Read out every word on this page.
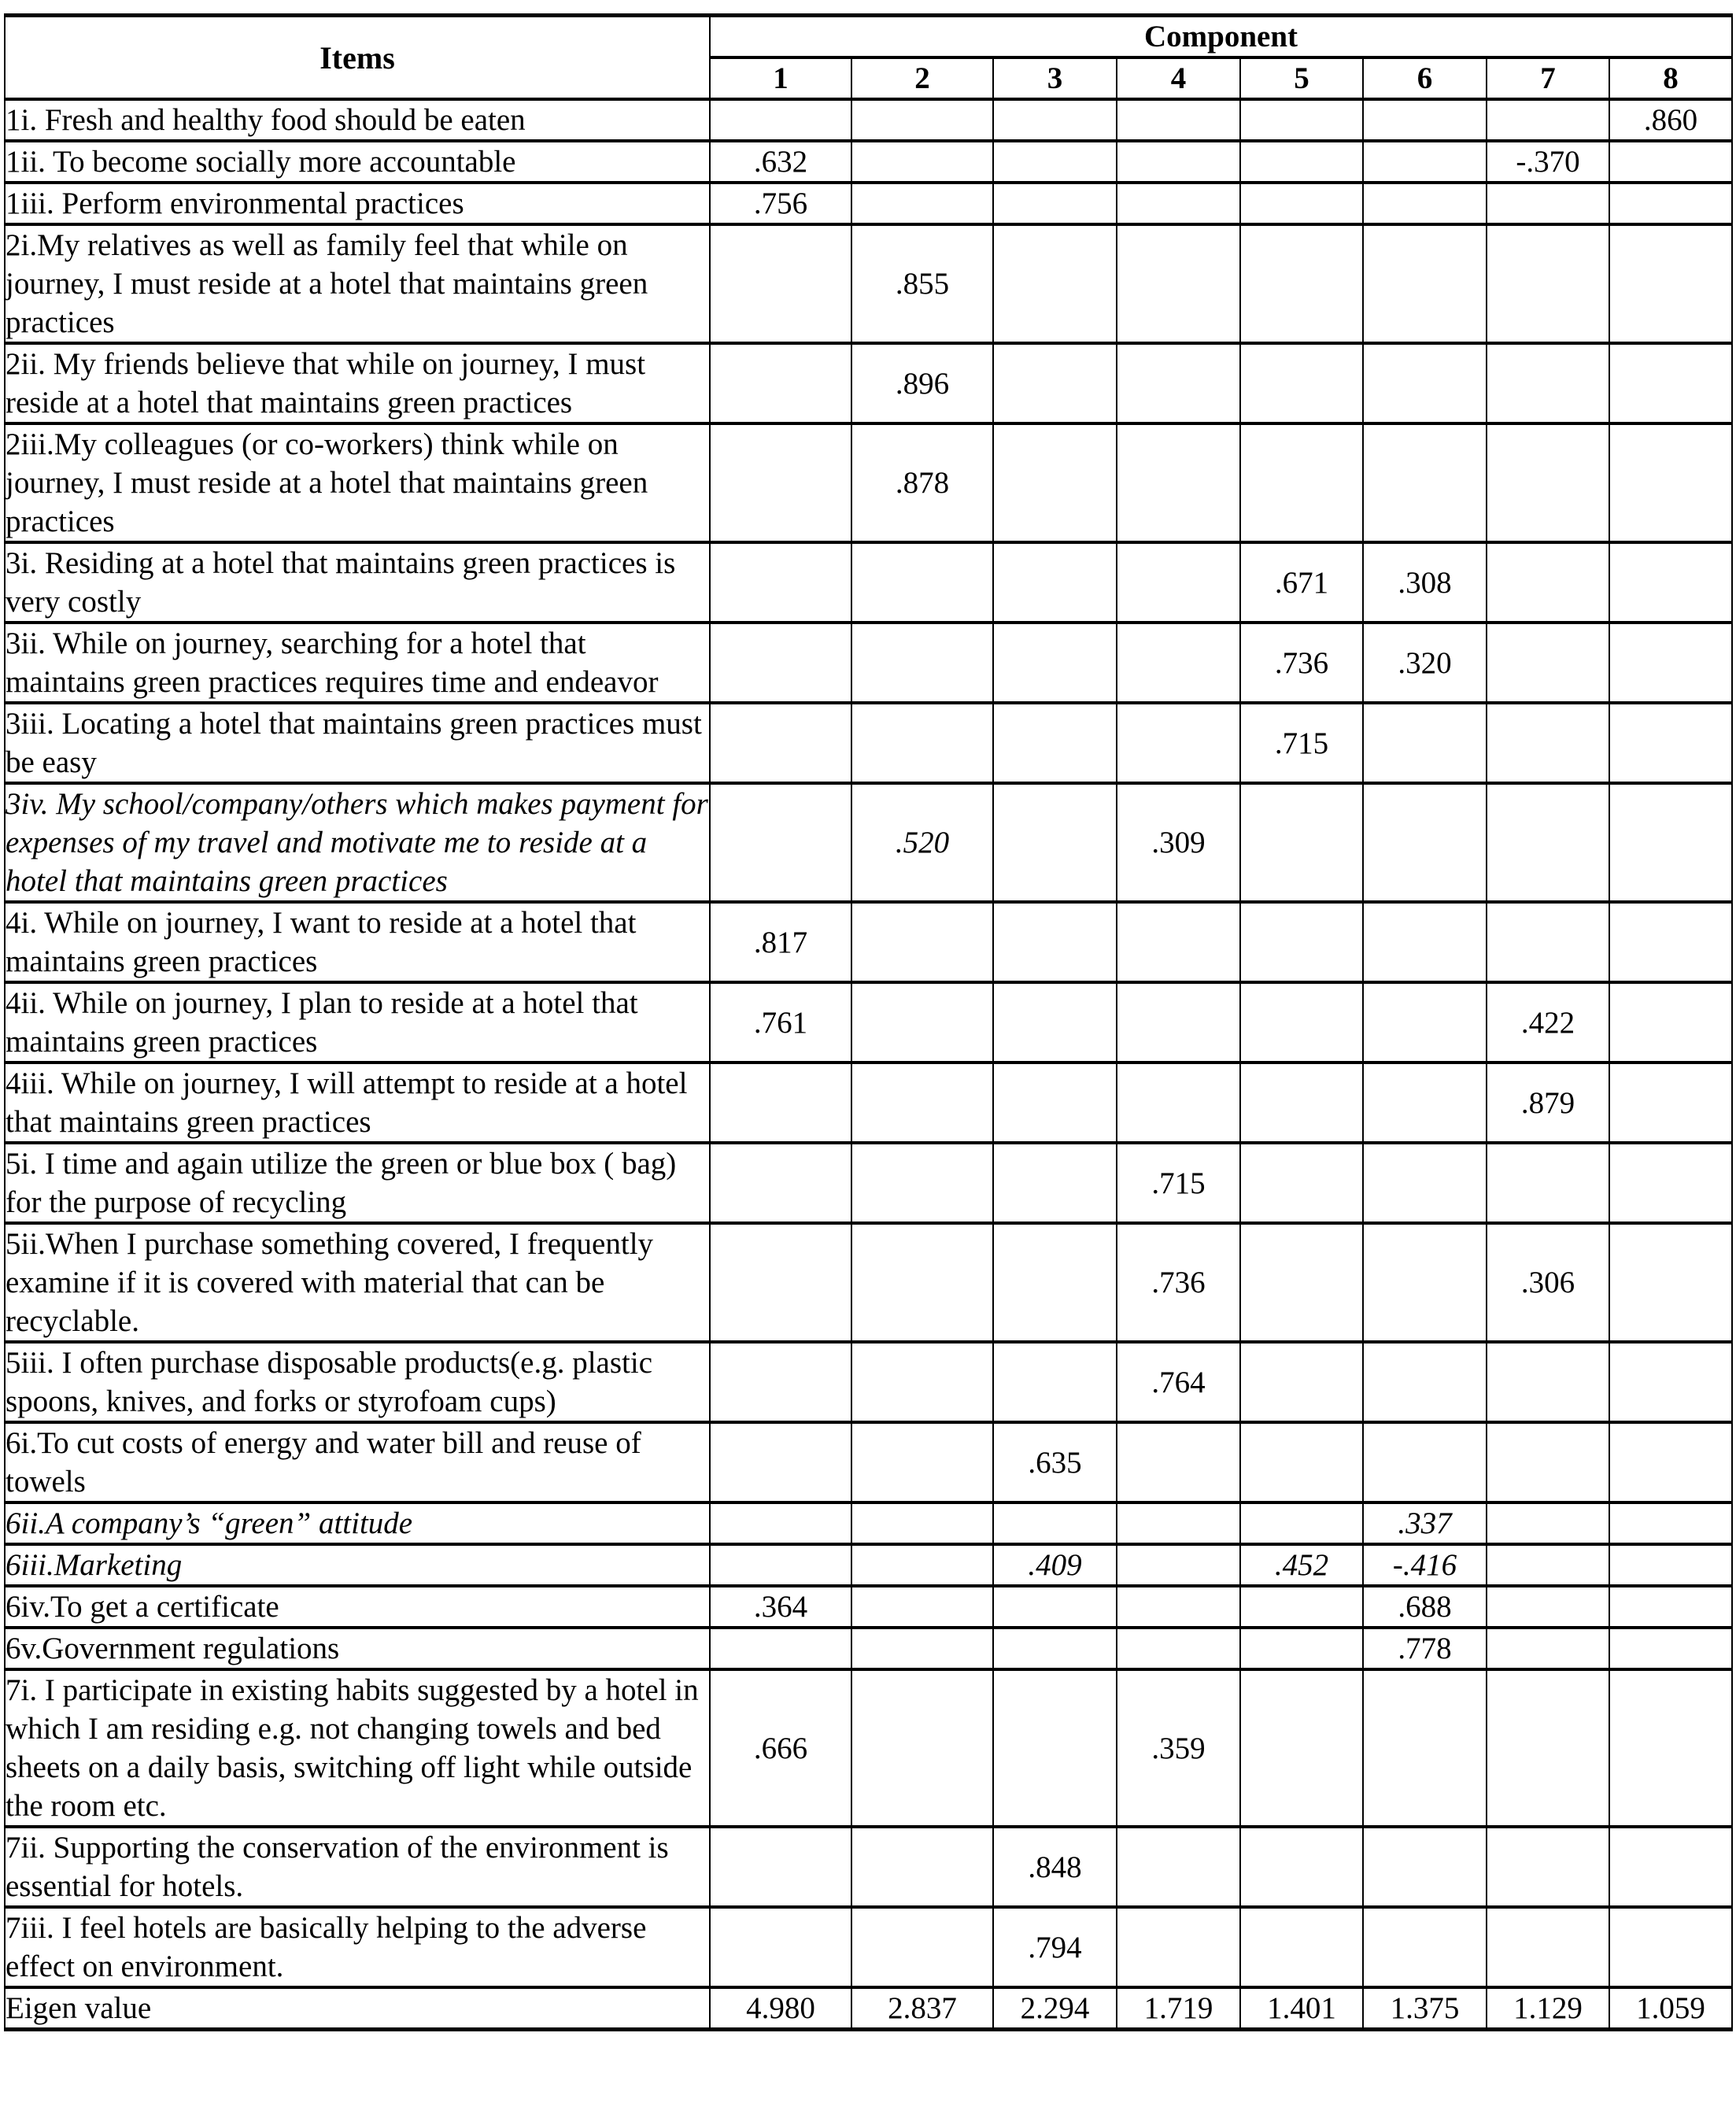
Items	Component							
	1	2	3	4	5	6	7	8
1i. Fresh and healthy food should be eaten								.860
1ii. To become socially more accountable	.632						-.370	
1iii. Perform environmental practices	.756							
2i.My relatives as well as family feel that while on journey, I must reside at a hotel that maintains green practices		.855						
2ii. My friends believe that while on journey, I must reside at a hotel that maintains green practices		.896						
2iii.My colleagues (or co-workers) think while on journey, I must reside at a hotel that maintains green practices		.878						
3i. Residing at a hotel that maintains green practices is very costly					.671	.308		
3ii. While on journey, searching for a hotel that maintains green practices requires time and endeavor					.736	.320		
3iii. Locating a hotel that maintains green practices must be easy					.715			
3iv. My school/company/others which makes payment for expenses of my travel and motivate me to reside at a hotel that maintains green practices		.520		.309				
4i. While on journey, I want to reside at a hotel that maintains green practices	.817							
4ii. While on journey, I plan to reside at a hotel that maintains green practices	.761						.422	
4iii. While on journey, I will attempt to reside at a hotel that maintains green practices							.879	
5i. I time and again utilize the green or blue box ( bag) for the purpose of recycling				.715				
5ii.When I purchase something covered, I frequently examine if it is covered with material that can be recyclable.				.736			.306	
5iii. I often purchase disposable products(e.g. plastic spoons, knives, and forks or styrofoam cups)				.764				
6i.To cut costs of energy and water bill and reuse of towels			.635					
6ii.A company’s “green” attitude						.337		
6iii.Marketing			.409		.452	-.416		
6iv.To get a certificate	.364					.688		
6v.Government regulations						.778		
7i. I participate in existing habits suggested by a hotel in which I am residing e.g. not changing towels and bed sheets on a daily basis, switching off light while outside the room etc.	.666			.359				
7ii. Supporting the conservation of the environment is essential for hotels.			.848					
7iii. I feel hotels are basically helping to the adverse effect on environment.			.794					
Eigen value	4.980	2.837	2.294	1.719	1.401	1.375	1.129	1.059
